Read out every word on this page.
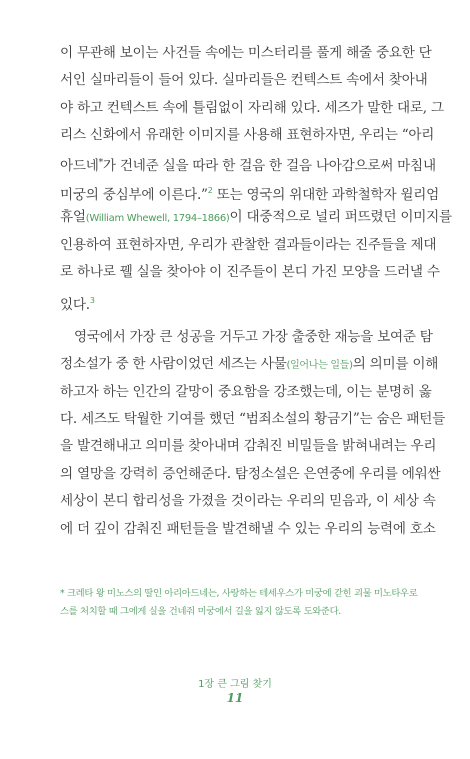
이 무관해 보이는 사건들 속에는 미스터리를 풀게 해줄 중요한 단
서인 실마리들이 들어 있다. 실마리들은 컨텍스트 속에서 찾아내
야 하고 컨텍스트 속에 틀림없이 자리해 있다. 세즈가 말한 대로, 그
리스 신화에서 유래한 이미지를 사용해 표현하자면, 우리는 “아리
아드네*가 건네준 실을 따라 한 걸음 한 걸음 나아감으로써 마침내
미궁의 중심부에 이른다.”$^2$ 또는 영국의 위대한 과학철학자 윌리엄
휴얼(William Whewell, 1794–1866)이 대중적으로 널리 퍼뜨렸던 이미지를
인용하여 표현하자면, 우리가 관찰한 결과들이라는 진주들을 제대
로 하나로 꿸 실을 찾아야 이 진주들이 본디 가진 모양을 드러낼 수
있다.$^3$
영국에서 가장 큰 성공을 거두고 가장 출중한 재능을 보여준 탐
정소설가 중 한 사람이었던 세즈는 사물(일어나는 일들)의 의미를 이해
하고자 하는 인간의 갈망이 중요함을 강조했는데, 이는 분명히 옳
다. 세즈도 탁월한 기여를 했던 “범죄소설의 황금기”는 숨은 패턴들
을 발견해내고 의미를 찾아내며 감춰진 비밀들을 밝혀내려는 우리
의 열망을 강력히 증언해준다. 탐정소설은 은연중에 우리를 에워싼
세상이 본디 합리성을 가졌을 것이라는 우리의 믿음과, 이 세상 속
에 더 깊이 감춰진 패턴들을 발견해낼 수 있는 우리의 능력에 호소
* 크레타 왕 미노스의 딸인 아리아드네는, 사랑하는 테세우스가 미궁에 갇힌 괴물 미노타우로
스를 처치할 때 그에게 실을 건네줘 미궁에서 길을 잃지 않도록 도와준다.
1장 큰 그림 찾기
11
